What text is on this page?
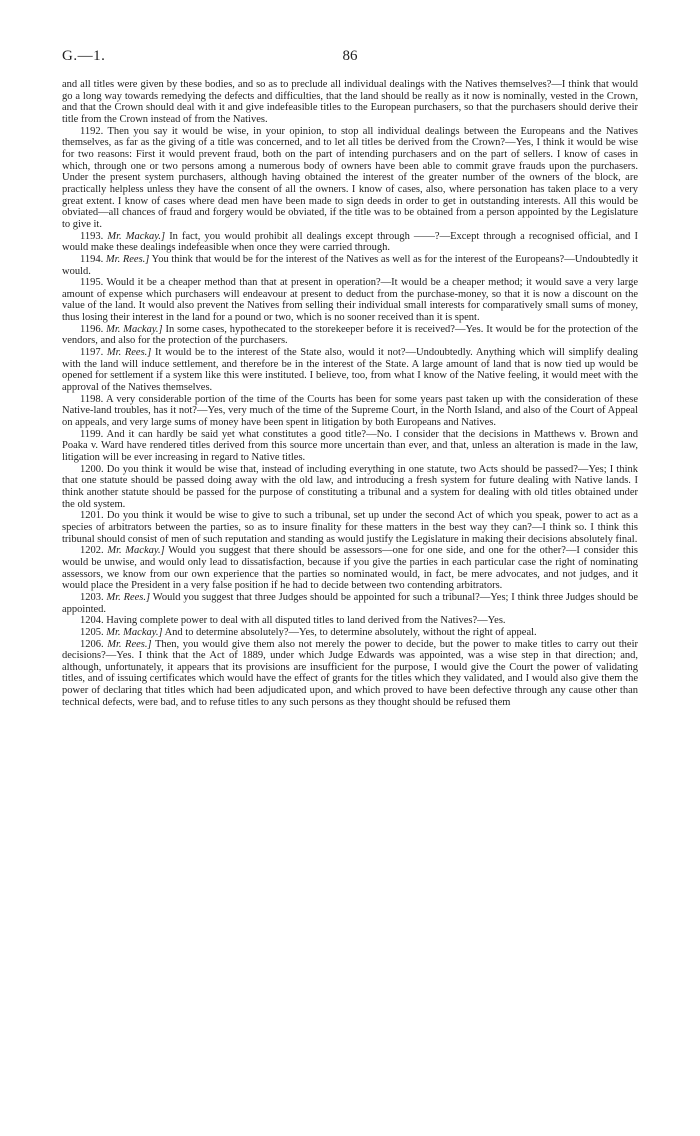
G.—1.	86

and all titles were given by these bodies, and so as to preclude all individual dealings with the Natives themselves?—I think that would go a long way towards remedying the defects and difficulties, that the land should be really as it now is nominally, vested in the Crown, and that the Crown should deal with it and give indefeasible titles to the European purchasers, so that the purchasers should derive their title from the Crown instead of from the Natives.

1192. Then you say it would be wise, in your opinion, to stop all individual dealings between the Europeans and the Natives themselves, as far as the giving of a title was concerned, and to let all titles be derived from the Crown?—Yes, I think it would be wise for two reasons: First it would prevent fraud, both on the part of intending purchasers and on the part of sellers. I know of cases in which, through one or two persons among a numerous body of owners have been able to commit grave frauds upon the purchasers. Under the present system purchasers, although having obtained the interest of the greater number of the owners of the block, are practically helpless unless they have the consent of all the owners. I know of cases, also, where personation has taken place to a very great extent. I know of cases where dead men have been made to sign deeds in order to get in outstanding interests. All this would be obviated—all chances of fraud and forgery would be obviated, if the title was to be obtained from a person appointed by the Legislature to give it.

1193. Mr. Mackay.] In fact, you would prohibit all dealings except through ——?—Except through a recognised official, and I would make these dealings indefeasible when once they were carried through.

1194. Mr. Rees.] You think that would be for the interest of the Natives as well as for the interest of the Europeans?—Undoubtedly it would.

1195. Would it be a cheaper method than that at present in operation?—It would be a cheaper method; it would save a very large amount of expense which purchasers will endeavour at present to deduct from the purchase-money, so that it is now a discount on the value of the land. It would also prevent the Natives from selling their individual small interests for comparatively small sums of money, thus losing their interest in the land for a pound or two, which is no sooner received than it is spent.

1196. Mr. Mackay.] In some cases, hypothecated to the storekeeper before it is received?—Yes. It would be for the protection of the vendors, and also for the protection of the purchasers.

1197. Mr. Rees.] It would be to the interest of the State also, would it not?—Undoubtedly. Anything which will simplify dealing with the land will induce settlement, and therefore be in the interest of the State. A large amount of land that is now tied up would be opened for settlement if a system like this were instituted. I believe, too, from what I know of the Native feeling, it would meet with the approval of the Natives themselves.

1198. A very considerable portion of the time of the Courts has been for some years past taken up with the consideration of these Native-land troubles, has it not?—Yes, very much of the time of the Supreme Court, in the North Island, and also of the Court of Appeal on appeals, and very large sums of money have been spent in litigation by both Europeans and Natives.

1199. And it can hardly be said yet what constitutes a good title?—No. I consider that the decisions in Matthews v. Brown and Poaka v. Ward have rendered titles derived from this source more uncertain than ever, and that, unless an alteration is made in the law, litigation will be ever increasing in regard to Native titles.

1200. Do you think it would be wise that, instead of including everything in one statute, two Acts should be passed?—Yes; I think that one statute should be passed doing away with the old law, and introducing a fresh system for future dealing with Native lands. I think another statute should be passed for the purpose of constituting a tribunal and a system for dealing with old titles obtained under the old system.

1201. Do you think it would be wise to give to such a tribunal, set up under the second Act of which you speak, power to act as a species of arbitrators between the parties, so as to insure finality for these matters in the best way they can?—I think so. I think this tribunal should consist of men of such reputation and standing as would justify the Legislature in making their decisions absolutely final.

1202. Mr. Mackay.] Would you suggest that there should be assessors—one for one side, and one for the other?—I consider this would be unwise, and would only lead to dissatisfaction, because if you give the parties in each particular case the right of nominating assessors, we know from our own experience that the parties so nominated would, in fact, be mere advocates, and not judges, and it would place the President in a very false position if he had to decide between two contending arbitrators.

1203. Mr. Rees.] Would you suggest that three Judges should be appointed for such a tribunal?—Yes; I think three Judges should be appointed.

1204. Having complete power to deal with all disputed titles to land derived from the Natives?—Yes.

1205. Mr. Mackay.] And to determine absolutely?—Yes, to determine absolutely, without the right of appeal.

1206. Mr. Rees.] Then, you would give them also not merely the power to decide, but the power to make titles to carry out their decisions?—Yes. I think that the Act of 1889, under which Judge Edwards was appointed, was a wise step in that direction; and, although, unfortunately, it appears that its provisions are insufficient for the purpose, I would give the Court the power of validating titles, and of issuing certificates which would have the effect of grants for the titles which they validated, and I would also give them the power of declaring that titles which had been adjudicated upon, and which proved to have been defective through any cause other than technical defects, were bad, and to refuse titles to any such persons as they thought should be refused them
